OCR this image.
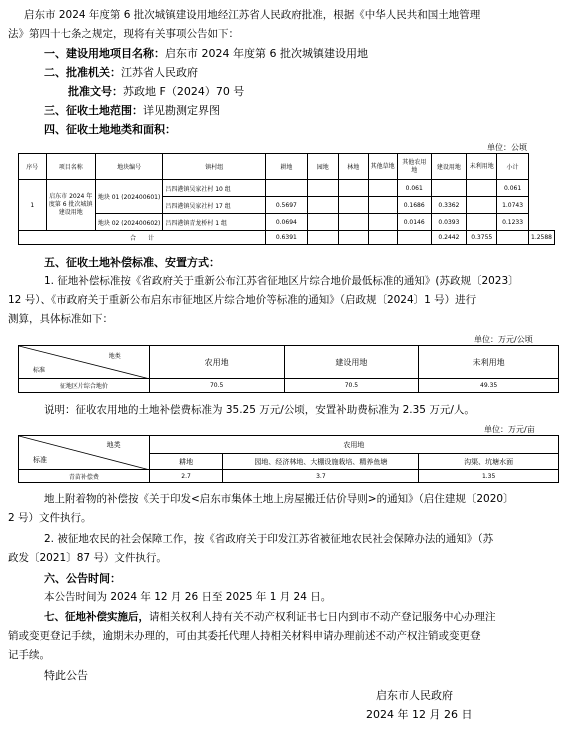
启东市 2024 年度第 6 批次城镇建设用地经江苏省人民政府批准，根据《中华人民共和国土地管理
法》第四十七条之规定，现将有关事项公告如下：
一、建设用地项目名称：启东市 2024 年度第 6 批次城镇建设用地
二、批准机关：江苏省人民政府
批准文号：苏政地 F（2024）70 号
三、征收土地范围：详见勘测定界图
四、征收土地地类和面积：
单位：公顷
序号	项目名称	地块编号	镇村组	耕地	园地	林地	其他草地	其他农用地	建设用地	未利用地	小计	
1	启东市 2024 年度第 6 批次城镇建设用地	地块 01 (202400601)	吕四港镇吴家社村 10 组					0.061			0.061	
			吕四港镇吴家社村 17 组	0.5697				0.1686	0.3362		1.0743	
		地块 02 (202400602)	吕四港镇青龙桥村 1 组	0.0694				0.0146	0.0393		0.1233	
合　　计				0.6391					0.2442	0.3755		1.2588
五、征收土地补偿标准、安置方式：
1. 征地补偿标准按《省政府关于重新公布江苏省征地区片综合地价最低标准的通知》(苏政规〔2023〕
12 号）、《市政府关于重新公布启东市征地区片综合地价等标准的通知》（启政规〔2024〕1 号）进行
测算，具体标准如下：
单位：万元/公顷
地类
标准	农用地	建设用地	未利用地
征地区片综合地价	70.5	70.5	49.35
说明：征收农用地的土地补偿费标准为 35.25 万元/公顷，安置补助费标准为 2.35 万元/人。
单位：万元/亩
地类
标准	农用地		
	耕地	园地、经济林地、大棚设施栽培、精养鱼塘	沟渠、坑塘水面
青苗补偿费	2.7	3.7	1.35
地上附着物的补偿按《关于印发<启东市集体土地上房屋搬迁估价导则>的通知》（启住建规〔2020〕
2 号）文件执行。
2. 被征地农民的社会保障工作，按《省政府关于印发江苏省被征地农民社会保障办法的通知》（苏
政发〔2021〕87 号）文件执行。
六、公告时间：
本公告时间为 2024 年 12 月 26 日至 2025 年 1 月 24 日。
七、征地补偿实施后，请相关权利人持有关不动产权利证书七日内到市不动产登记服务中心办理注
销或变更登记手续，逾期未办理的，可由其委托代理人持相关材料申请办理前述不动产权注销或变更登
记手续。
特此公告
启东市人民政府
2024 年 12 月 26 日
